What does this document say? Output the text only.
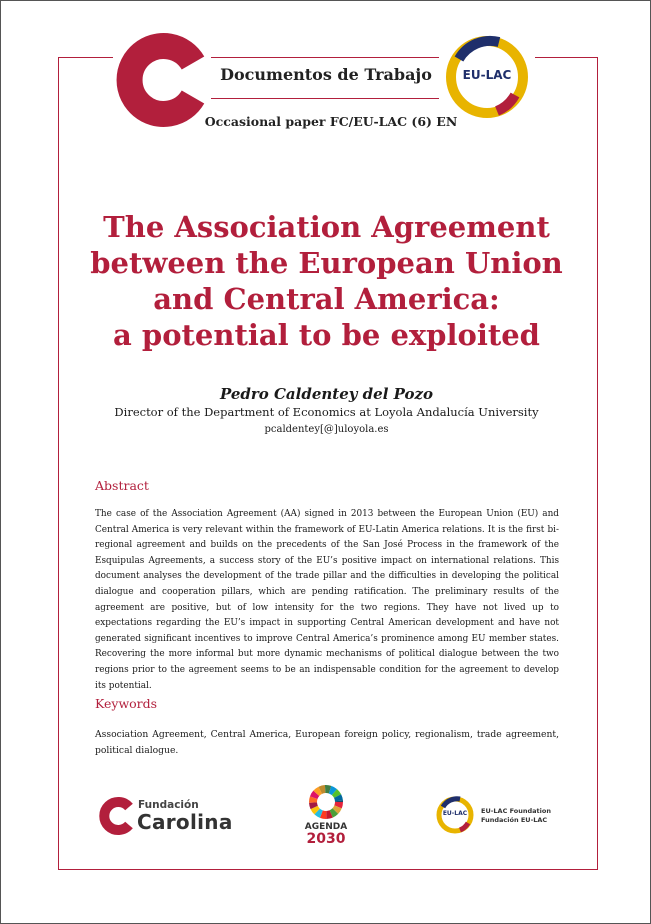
EU-LAC
Documentos de Trabajo
Occasional paper FC/EU-LAC (6) EN
The Association Agreement
between the European Union
and Central America:
a potential to be exploited
Pedro Caldentey del Pozo
Director of the Department of Economics at Loyola Andalucía University
pcaldentey[@]uloyola.es
Abstract

The case of the Association Agreement (AA) signed in 2013 between the European Union (EU) and Central America is very relevant within the framework of EU-Latin America relations. It is the first bi-regional agreement and builds on the precedents of the San José Process in the framework of the Esquipulas Agreements, a success story of the EU’s positive impact on international relations. This document analyses the development of the trade pillar and the difficulties in developing the political dialogue and cooperation pillars, which are pending ratification. The preliminary results of the agreement are positive, but of low intensity for the two regions. They have not lived up to expectations regarding the EU’s impact in supporting Central American development and have not generated significant incentives to improve Central America’s prominence among EU member states. Recovering the more informal but more dynamic mechanisms of political dialogue between the two regions prior to the agreement seems to be an indispensable condition for the agreement to develop its potential.

Keywords

Association Agreement, Central America, European foreign policy, regionalism, trade agreement, political dialogue.

Fundación
Carolina	AGENDA
2030
EU-LAC	EU-LAC Foundation
Fundación EU-LAC
